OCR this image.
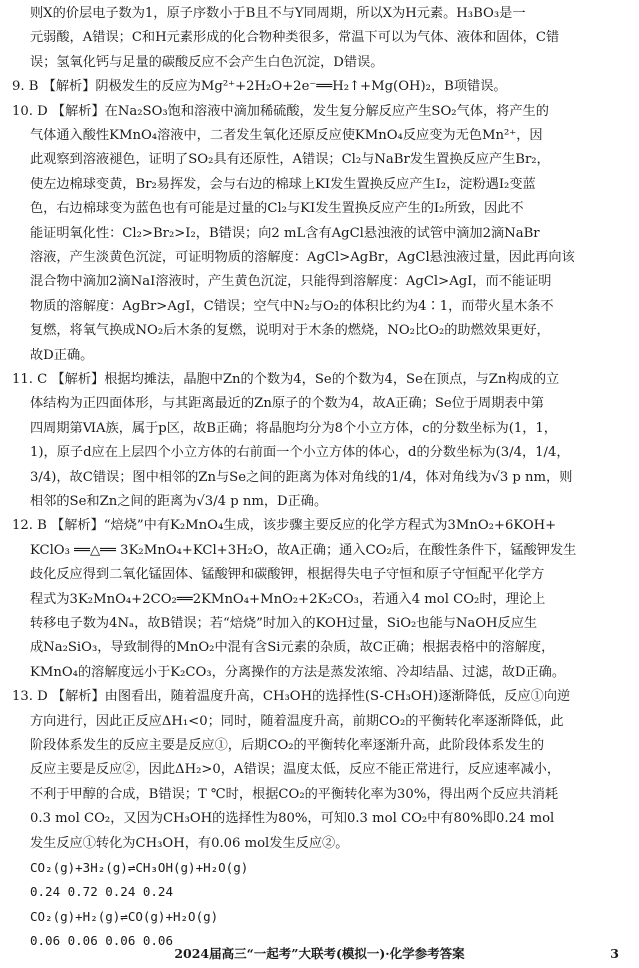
2024届高三“一起考”大联考(模拟一)·化学参考答案	3
则X的价层电子数为1，原子序数小于B且不与Y同周期，所以X为H元素。H₃BO₃是一
元弱酸，A错误；C和H元素形成的化合物种类很多，常温下可以为气体、液体和固体，C错
误；氢氧化钙与足量的碳酸反应不会产生白色沉淀，D错误。
9. B 【解析】阴极发生的反应为Mg²⁺+2H₂O+2e⁻══H₂↑+Mg(OH)₂，B项错误。
10. D 【解析】在Na₂SO₃饱和溶液中滴加稀硫酸，发生复分解反应产生SO₂气体，将产生的
气体通入酸性KMnO₄溶液中，二者发生氧化还原反应使KMnO₄反应变为无色Mn²⁺，因
此观察到溶液褪色，证明了SO₂具有还原性，A错误；Cl₂与NaBr发生置换反应产生Br₂，
使左边棉球变黄，Br₂易挥发，会与右边的棉球上KI发生置换反应产生I₂，淀粉遇I₂变蓝
色，右边棉球变为蓝色也有可能是过量的Cl₂与KI发生置换反应产生的I₂所致，因此不
能证明氧化性：Cl₂>Br₂>I₂，B错误；向2 mL含有AgCl悬浊液的试管中滴加2滴NaBr
溶液，产生淡黄色沉淀，可证明物质的溶解度：AgCl>AgBr，AgCl悬浊液过量，因此再向该
混合物中滴加2滴NaI溶液时，产生黄色沉淀，只能得到溶解度：AgCl>AgI，而不能证明
物质的溶解度：AgBr>AgI，C错误；空气中N₂与O₂的体积比约为4∶1，而带火星木条不
复燃，将氧气换成NO₂后木条的复燃，说明对于木条的燃烧，NO₂比O₂的助燃效果更好，
故D正确。
11. C 【解析】根据均摊法，晶胞中Zn的个数为4，Se的个数为4，Se在顶点，与Zn构成的立
体结构为正四面体形，与其距离最近的Zn原子的个数为4，故A正确；Se位于周期表中第
四周期第ⅥA族，属于p区，故B正确；将晶胞均分为8个小立方体，c的分数坐标为(1，1，
1)，原子d应在上层四个小立方体的右前面一个小立方体的体心，d的分数坐标为(3/4，1/4，
3/4)，故C错误；图中相邻的Zn与Se之间的距离为体对角线的1/4，体对角线为√3 p nm，则
相邻的Se和Zn之间的距离为√3/4 p nm，D正确。
12. B 【解析】“焙烧”中有K₂MnO₄生成，该步骤主要反应的化学方程式为3MnO₂+6KOH+
KClO₃ ══△══ 3K₂MnO₄+KCl+3H₂O，故A正确；通入CO₂后，在酸性条件下，锰酸钾发生
歧化反应得到二氧化锰固体、锰酸钾和碳酸钾，根据得失电子守恒和原子守恒配平化学方
程式为3K₂MnO₄+2CO₂══2KMnO₄+MnO₂+2K₂CO₃，若通入4 mol CO₂时，理论上
转移电子数为4Nₐ，故B错误；若“焙烧”时加入的KOH过量，SiO₂也能与NaOH反应生
成Na₂SiO₃，导致制得的MnO₂中混有含Si元素的杂质，故C正确；根据表格中的溶解度，
KMnO₄的溶解度远小于K₂CO₃，分离操作的方法是蒸发浓缩、冷却结晶、过滤，故D正确。
13. D 【解析】由图看出，随着温度升高，CH₃OH的选择性(S-CH₃OH)逐渐降低，反应①向逆
方向进行，因此正反应ΔH₁<0；同时，随着温度升高，前期CO₂的平衡转化率逐渐降低，此
阶段体系发生的反应主要是反应①，后期CO₂的平衡转化率逐渐升高，此阶段体系发生的
反应主要是反应②，因此ΔH₂>0，A错误；温度太低，反应不能正常进行，反应速率减小，
不利于甲醇的合成，B错误；T ℃时，根据CO₂的平衡转化率为30%，得出两个反应共消耗
0.3 mol CO₂，又因为CH₃OH的选择性为80%，可知0.3 mol CO₂中有80%即0.24 mol
发生反应①转化为CH₃OH，有0.06 mol发生反应②。
CO₂(g)+3H₂(g)⇌CH₃OH(g)+H₂O(g)
0.24 0.72 0.24 0.24
CO₂(g)+H₂(g)⇌CO(g)+H₂O(g)
0.06 0.06 0.06 0.06
